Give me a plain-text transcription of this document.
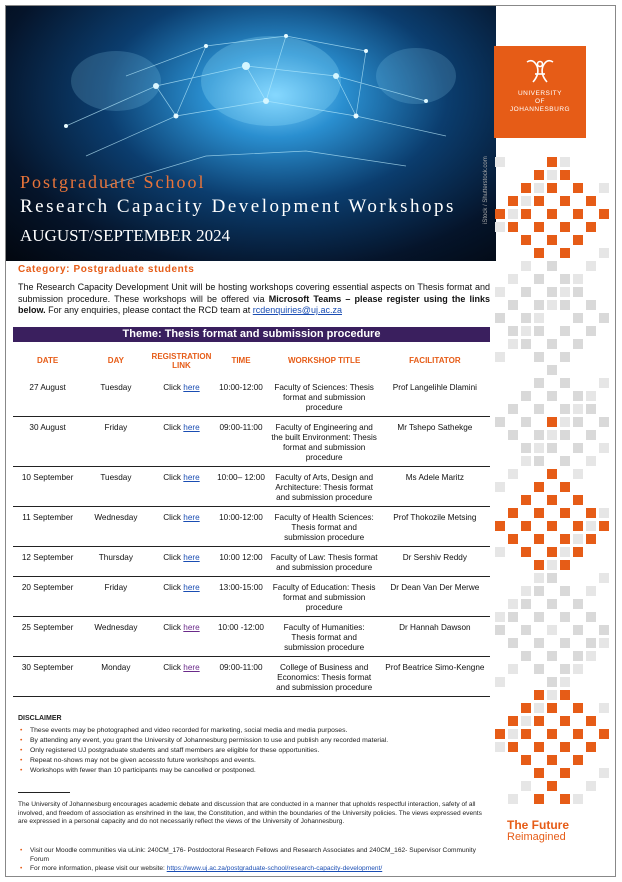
Postgraduate School
Research Capacity Development Workshops
AUGUST/SEPTEMBER 2024
iStock / Shutterstock.com
UNIVERSITY
OF
JOHANNESBURG
The Future
Reimagined
Category: Postgraduate students
The Research Capacity Development Unit will be hosting workshops covering essential aspects on Thesis format and submission procedure. These workshops will be offered via Microsoft Teams – please register using the links below. For any enquiries, please contact the RCD team at rcdenquiries@uj.ac.za
Theme: Thesis format and submission procedure
DATE	DAY	REGISTRATION LINK	TIME	WORKSHOP TITLE	FACILITATOR
27 August	Tuesday	Click here	10:00-12:00	Faculty of Sciences: Thesis format and submission procedure	Prof Langelihle Dlamini
30 August	Friday	Click here	09:00-11:00	Faculty of Engineering and the built Environment: Thesis format and submission procedure	Mr Tshepo Sathekge
10 September	Tuesday	Click here	10:00– 12:00	Faculty of Arts, Design and Architecture: Thesis format and submission procedure	Ms Adele Maritz
11 September	Wednesday	Click here	10:00-12:00	Faculty of Health Sciences: Thesis format and submission procedure	Prof Thokozile Metsing
12 September	Thursday	Click here	10:00 12:00	Faculty of Law: Thesis format and submission procedure	Dr Sershiv Reddy
20 September	Friday	Click here	13:00-15:00	Faculty of Education: Thesis format and submission procedure	Dr Dean Van Der Merwe
25 September	Wednesday	Click here	10:00 -12:00	Faculty of Humanities: Thesis format and submission procedure	Dr Hannah Dawson
30 September	Monday	Click here	09:00-11:00	College of Business and Economics: Thesis format and submission procedure	Prof Beatrice Simo-Kengne
DISCLAIMER
• These events may be photographed and video recorded for marketing, social media and media purposes.
• By attending any event, you grant the University of Johannesburg permission to use and publish any recorded material.
• Only registered UJ postgraduate students and staff members are eligible for these opportunities.
• Repeat no-shows may not be given accessto future workshops and events.
• Workshops with fewer than 10 participants may be cancelled or postponed.
The University of Johannesburg encourages academic debate and discussion that are conducted in a manner that upholds respectful interaction, safety of all involved, and freedom of association as enshrined in the law, the Constitution, and within the boundaries of the University policies. The views expressed events are expressed in a personal capacity and do not necessarily reflect the views of the University of Johannesburg.
• Visit our Moodle communities via uLink: 240CM_176- Postdoctoral Research Fellows and Research Associates and 240CM_162- Supervisor Community Forum
• For more information, please visit our website: https://www.uj.ac.za/postgraduate-school/research-capacity-development/
